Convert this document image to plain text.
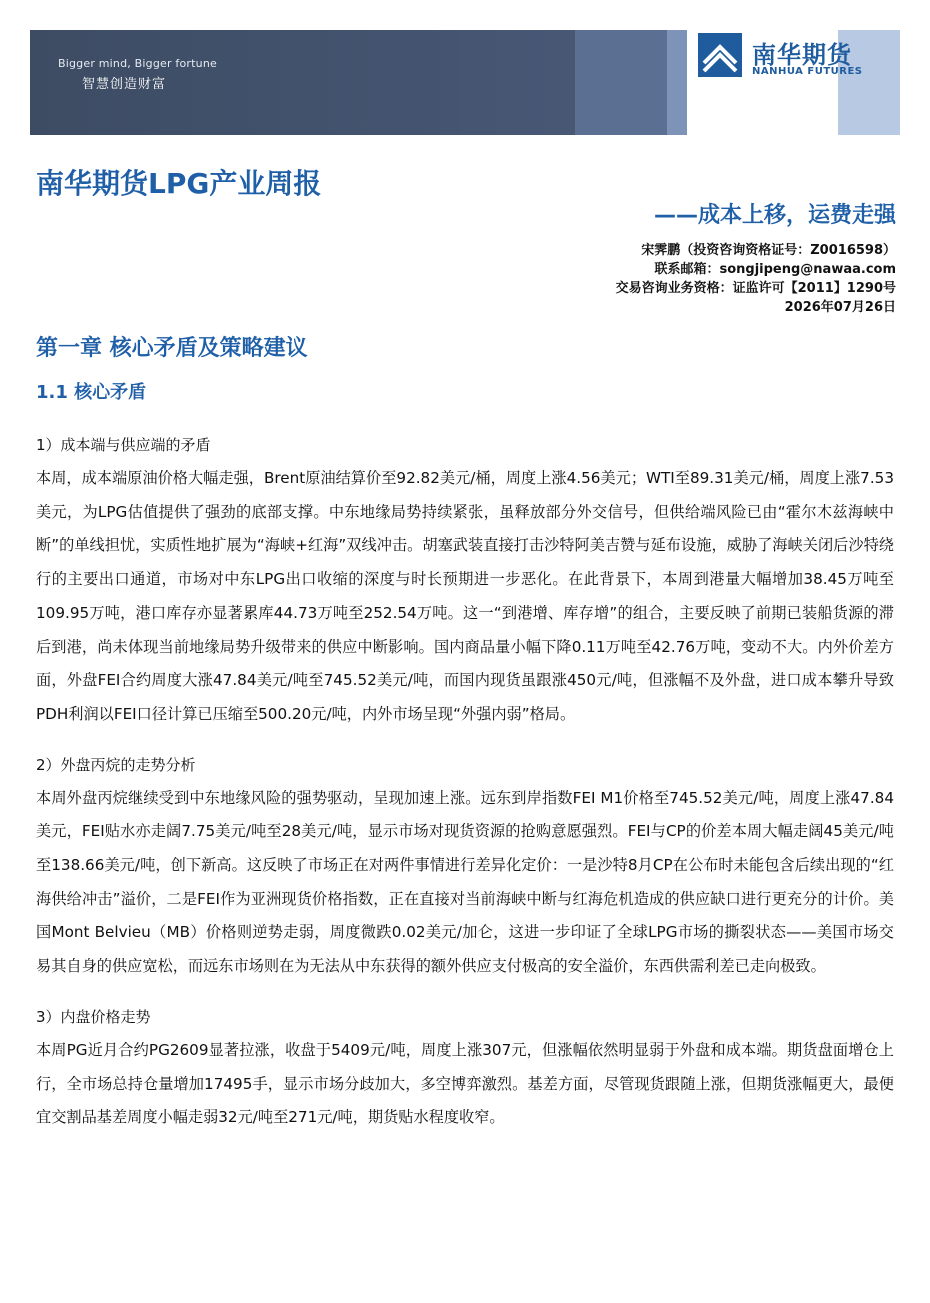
Bigger mind, Bigger fortune
智慧创造财富
南华期货
NANHUA FUTURES
南华期货LPG产业周报
——成本上移，运费走强
宋霁鹏（投资咨询资格证号：Z0016598）
联系邮箱：songjipeng@nawaa.com
交易咨询业务资格：证监许可【2011】1290号
2026年07月26日
第一章 核心矛盾及策略建议
1.1 核心矛盾

1）成本端与供应端的矛盾

本周，成本端原油价格大幅走强，Brent原油结算价至92.82美元/桶，周度上涨4.56美元；WTI至89.31美元/桶，周度上涨7.53美元，为LPG估值提供了强劲的底部支撑。中东地缘局势持续紧张，虽释放部分外交信号，但供给端风险已由“霍尔木兹海峡中断”的单线担忧，实质性地扩展为“海峡+红海”双线冲击。胡塞武装直接打击沙特阿美吉赞与延布设施，威胁了海峡关闭后沙特绕行的主要出口通道，市场对中东LPG出口收缩的深度与时长预期进一步恶化。在此背景下，本周到港量大幅增加38.45万吨至109.95万吨，港口库存亦显著累库44.73万吨至252.54万吨。这一“到港增、库存增”的组合，主要反映了前期已装船货源的滞后到港，尚未体现当前地缘局势升级带来的供应中断影响。国内商品量小幅下降0.11万吨至42.76万吨，变动不大。内外价差方面，外盘FEI合约周度大涨47.84美元/吨至745.52美元/吨，而国内现货虽跟涨450元/吨，但涨幅不及外盘，进口成本攀升导致PDH利润以FEI口径计算已压缩至500.20元/吨，内外市场呈现“外强内弱”格局。

2）外盘丙烷的走势分析

本周外盘丙烷继续受到中东地缘风险的强势驱动，呈现加速上涨。远东到岸指数FEI M1价格至745.52美元/吨，周度上涨47.84美元，FEI贴水亦走阔7.75美元/吨至28美元/吨，显示市场对现货资源的抢购意愿强烈。FEI与CP的价差本周大幅走阔45美元/吨至138.66美元/吨，创下新高。这反映了市场正在对两件事情进行差异化定价：一是沙特8月CP在公布时未能包含后续出现的“红海供给冲击”溢价，二是FEI作为亚洲现货价格指数，正在直接对当前海峡中断与红海危机造成的供应缺口进行更充分的计价。美国Mont Belvieu（MB）价格则逆势走弱，周度微跌0.02美元/加仑，这进一步印证了全球LPG市场的撕裂状态——美国市场交易其自身的供应宽松，而远东市场则在为无法从中东获得的额外供应支付极高的安全溢价，东西供需利差已走向极致。

3）内盘价格走势

本周PG近月合约PG2609显著拉涨，收盘于5409元/吨，周度上涨307元，但涨幅依然明显弱于外盘和成本端。期货盘面增仓上行，全市场总持仓量增加17495手，显示市场分歧加大，多空博弈激烈。基差方面，尽管现货跟随上涨，但期货涨幅更大，最便宜交割品基差周度小幅走弱32元/吨至271元/吨，期货贴水程度收窄。
